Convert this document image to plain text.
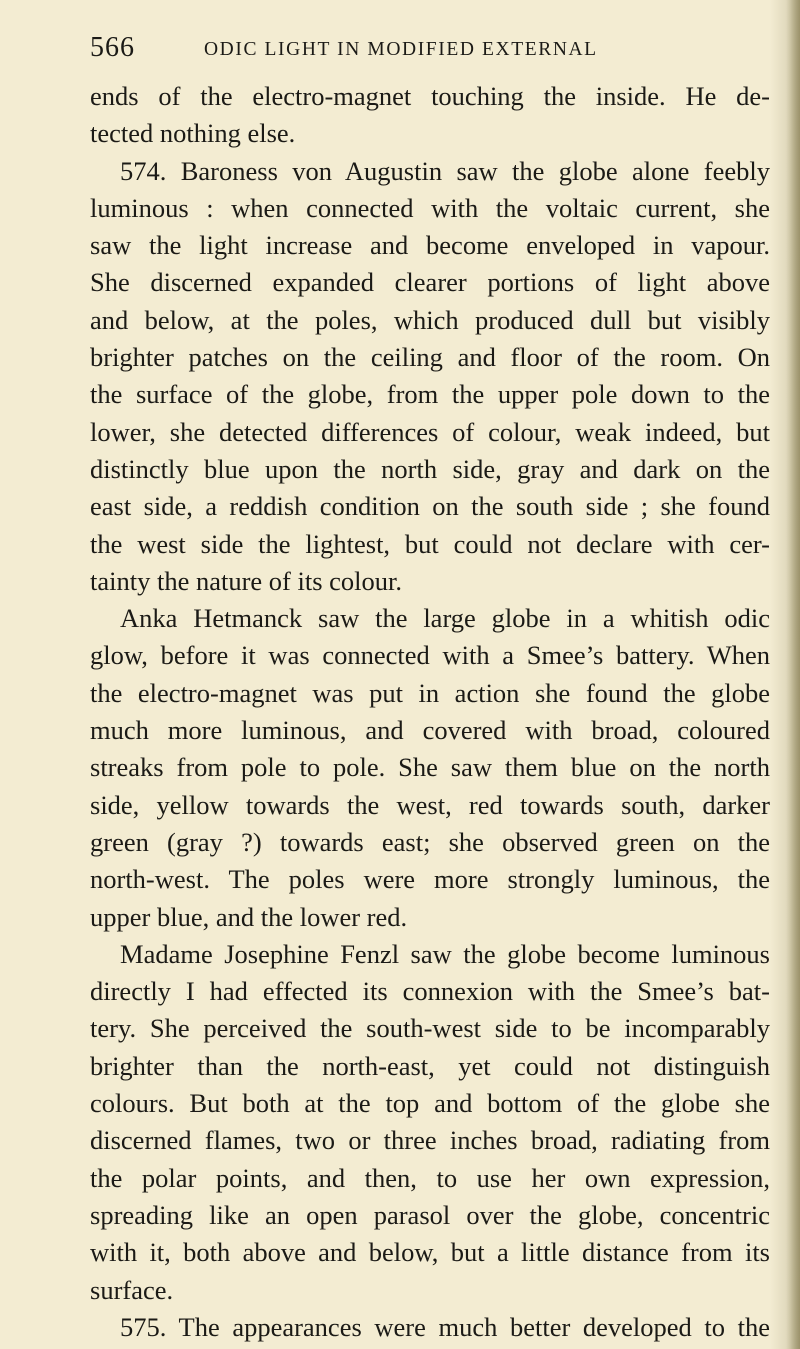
566	ODIC LIGHT IN MODIFIED EXTERNAL
ends of the electro-magnet touching the inside. He de-
tected nothing else.
574. Baroness von Augustin saw the globe alone feebly
luminous : when connected with the voltaic current, she
saw the light increase and become enveloped in vapour.
She discerned expanded clearer portions of light above
and below, at the poles, which produced dull but visibly
brighter patches on the ceiling and floor of the room. On
the surface of the globe, from the upper pole down to the
lower, she detected differences of colour, weak indeed, but
distinctly blue upon the north side, gray and dark on the
east side, a reddish condition on the south side ; she found
the west side the lightest, but could not declare with cer-
tainty the nature of its colour.
Anka Hetmanck saw the large globe in a whitish odic
glow, before it was connected with a Smee’s battery. When
the electro-magnet was put in action she found the globe
much more luminous, and covered with broad, coloured
streaks from pole to pole. She saw them blue on the north
side, yellow towards the west, red towards south, darker
green (gray ?) towards east; she observed green on the
north-west. The poles were more strongly luminous, the
upper blue, and the lower red.
Madame Josephine Fenzl saw the globe become luminous
directly I had effected its connexion with the Smee’s bat-
tery. She perceived the south-west side to be incomparably
brighter than the north-east, yet could not distinguish
colours. But both at the top and bottom of the globe she
discerned flames, two or three inches broad, radiating from
the polar points, and then, to use her own expression,
spreading like an open parasol over the globe, concentric
with it, both above and below, but a little distance from its
surface.
575. The appearances were much better developed to the
